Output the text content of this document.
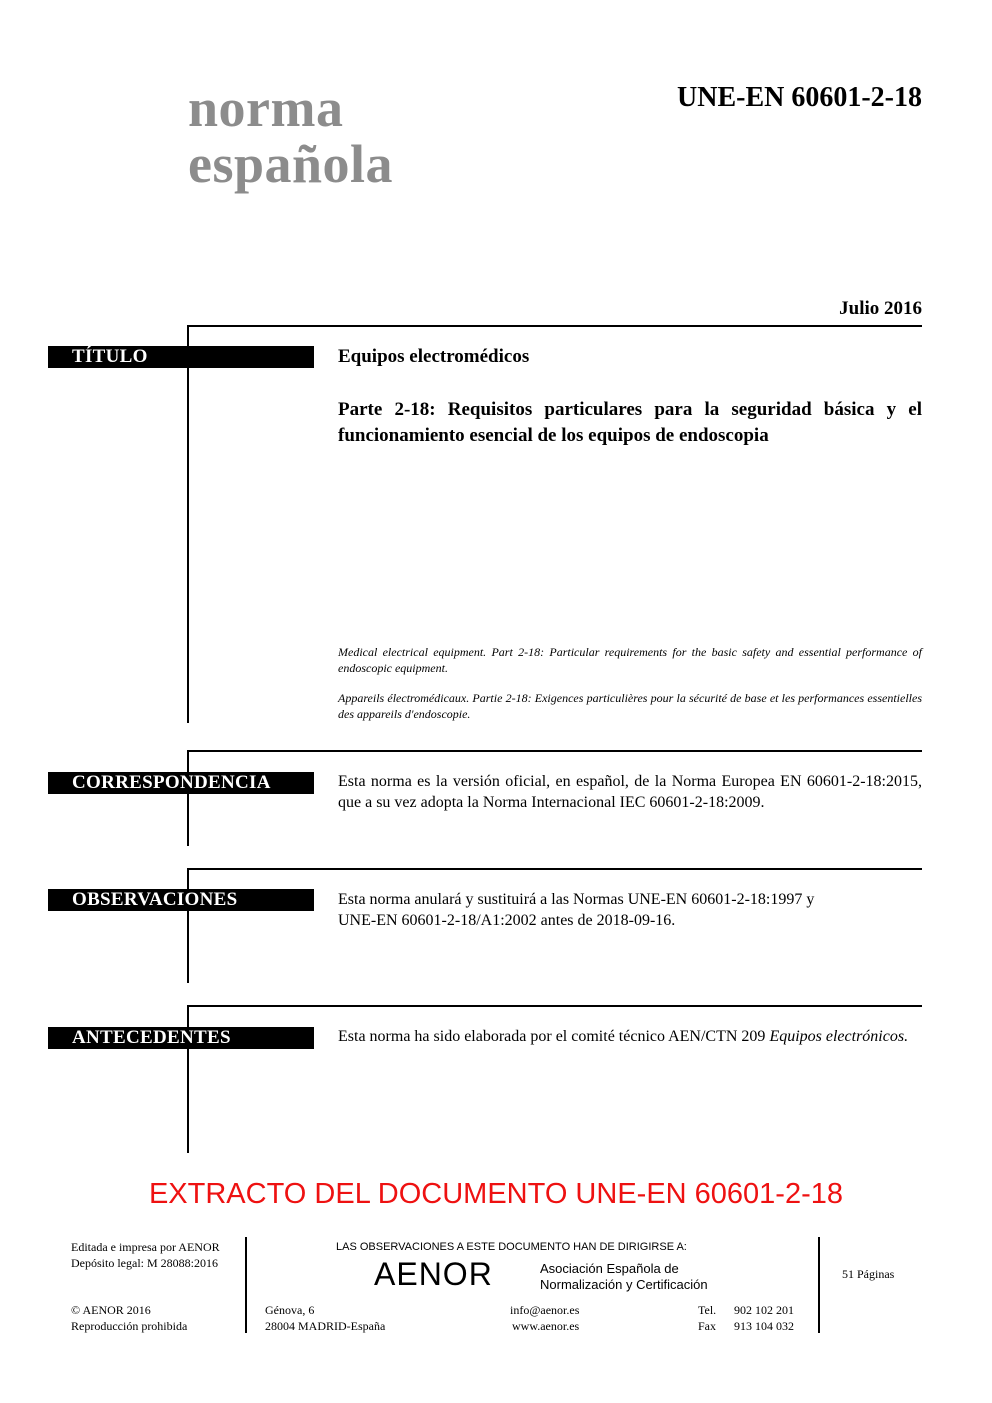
norma
española
UNE-EN 60601-2-18
Julio 2016
TÍTULO	Equipos electromédicos
Parte 2-18: Requisitos particulares para la seguridad básica y el funcionamiento esencial de los equipos de endoscopia
Medical electrical equipment. Part 2-18: Particular requirements for the basic safety and essential performance of endoscopic equipment.
Appareils électromédicaux. Partie 2-18: Exigences particulières pour la sécurité de base et les performances essentielles des appareils d'endoscopie.
CORRESPONDENCIA	Esta norma es la versión oficial, en español, de la Norma Europea EN 60601-2-18:2015, que a su vez adopta la Norma Internacional IEC 60601-2-18:2009.
OBSERVACIONES	Esta norma anulará y sustituirá a las Normas UNE-EN 60601-2-18:1997 y
UNE-EN 60601-2-18/A1:2002 antes de 2018-09-16.
ANTECEDENTES	Esta norma ha sido elaborada por el comité técnico AEN/CTN 209 Equipos electrónicos.
EXTRACTO DEL DOCUMENTO UNE-EN 60601-2-18
Editada e impresa por AENOR
Depósito legal: M 28088:2016
© AENOR 2016
Reproducción prohibida
LAS OBSERVACIONES A ESTE DOCUMENTO HAN DE DIRIGIRSE A:
AENOR	Asociación Española de
Normalización y Certificación
Génova, 6
28004 MADRID-España
info@aenor.es
www.aenor.es
Tel. 902 102 201
Fax 913 104 032
51 Páginas
